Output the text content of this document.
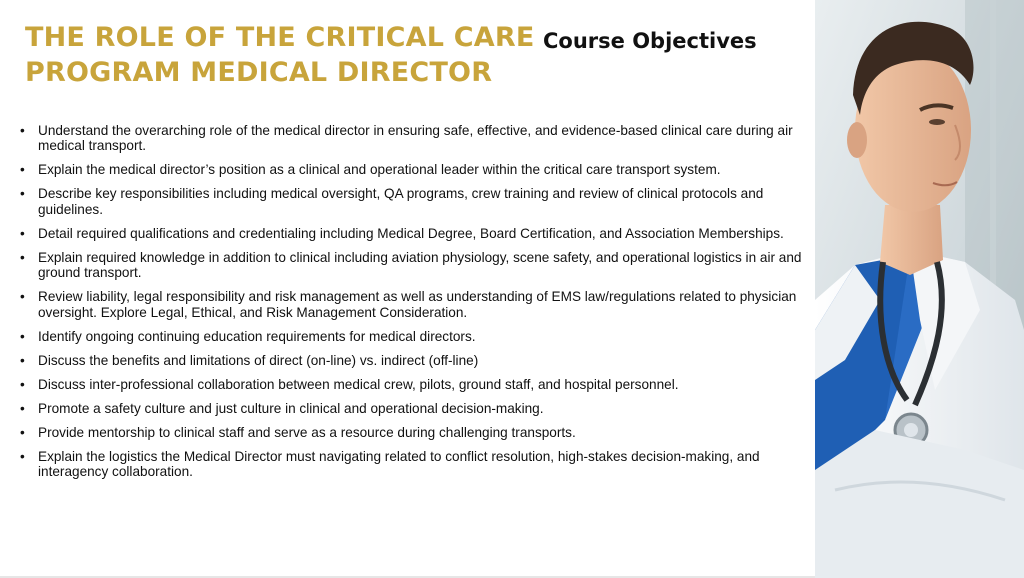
THE ROLE OF THE CRITICAL CARE PROGRAM MEDICAL DIRECTOR
Course Objectives
• Understand the overarching role of the medical director in ensuring safe, effective, and evidence-based clinical care during air medical transport.
• Explain the medical director’s position as a clinical and operational leader within the critical care transport system.
• Describe key responsibilities including medical oversight, QA programs, crew training and review of clinical protocols and guidelines.
• Detail required qualifications and credentialing including Medical Degree, Board Certification, and Association Memberships.
• Explain required knowledge in addition to clinical including aviation physiology, scene safety, and operational logistics in air and ground transport.
• Review liability, legal responsibility and risk management as well as understanding of EMS law/regulations related to physician oversight. Explore Legal, Ethical, and Risk Management Consideration.
• Identify ongoing continuing education requirements for medical directors.
• Discuss the benefits and limitations of direct (on-line) vs. indirect (off-line)
• Discuss inter-professional collaboration between medical crew, pilots, ground staff, and hospital personnel.
• Promote a safety culture and just culture in clinical and operational decision-making.
• Provide mentorship to clinical staff and serve as a resource during challenging transports.
• Explain the logistics the Medical Director must navigating related to conflict resolution, high-stakes decision-making, and interagency collaboration.
